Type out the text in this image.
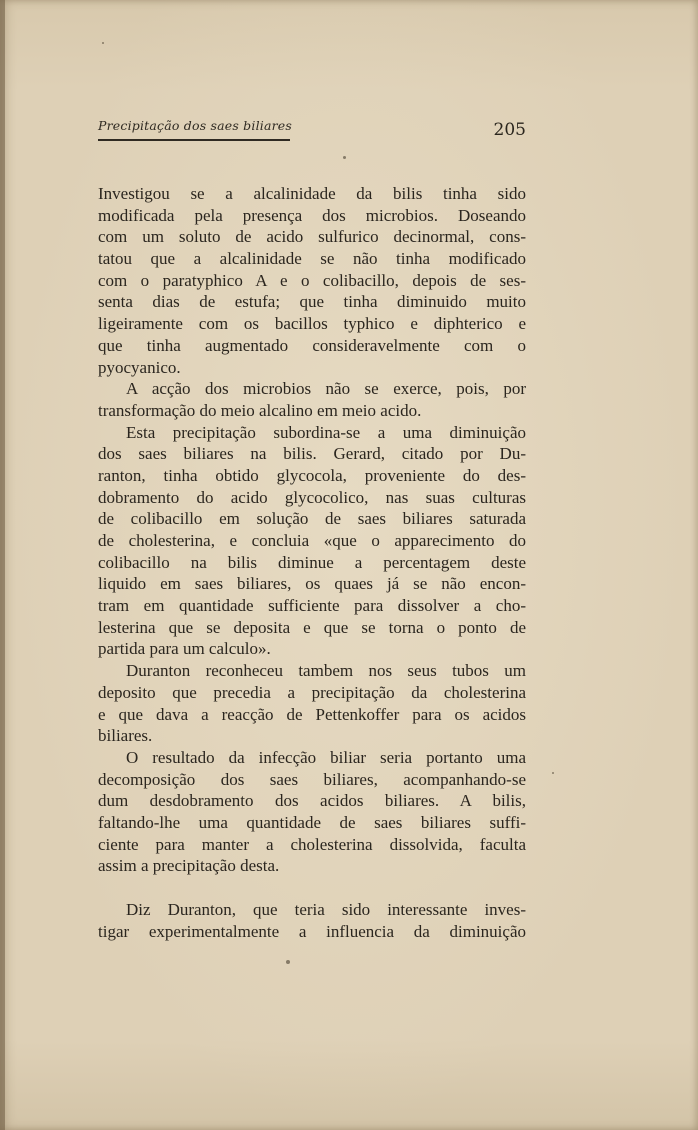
Precipitação dos saes biliares	205
Investigou se a alcalinidade da bilis tinha sido
modificada pela presença dos microbios. Doseando
com um soluto de acido sulfurico decinormal, cons-
tatou que a alcalinidade se não tinha modificado
com o paratyphico A e o colibacillo, depois de ses-
senta dias de estufa; que tinha diminuido muito
ligeiramente com os bacillos typhico e diphterico e
que tinha augmentado consideravelmente com o
pyocyanico.
A acção dos microbios não se exerce, pois, por
transformação do meio alcalino em meio acido.
Esta precipitação subordina-se a uma diminuição
dos saes biliares na bilis. Gerard, citado por Du-
ranton, tinha obtido glycocola, proveniente do des-
dobramento do acido glycocolico, nas suas culturas
de colibacillo em solução de saes biliares saturada
de cholesterina, e concluia «que o apparecimento do
colibacillo na bilis diminue a percentagem deste
liquido em saes biliares, os quaes já se não encon-
tram em quantidade sufficiente para dissolver a cho-
lesterina que se deposita e que se torna o ponto de
partida para um calculo».
Duranton reconheceu tambem nos seus tubos um
deposito que precedia a precipitação da cholesterina
e que dava a reacção de Pettenkoffer para os acidos
biliares.
O resultado da infecção biliar seria portanto uma
decomposição dos saes biliares, acompanhando-se
dum desdobramento dos acidos biliares. A bilis,
faltando-lhe uma quantidade de saes biliares suffi-
ciente para manter a cholesterina dissolvida, faculta
assim a precipitação desta.
Diz Duranton, que teria sido interessante inves-
tigar experimentalmente a influencia da diminuição
